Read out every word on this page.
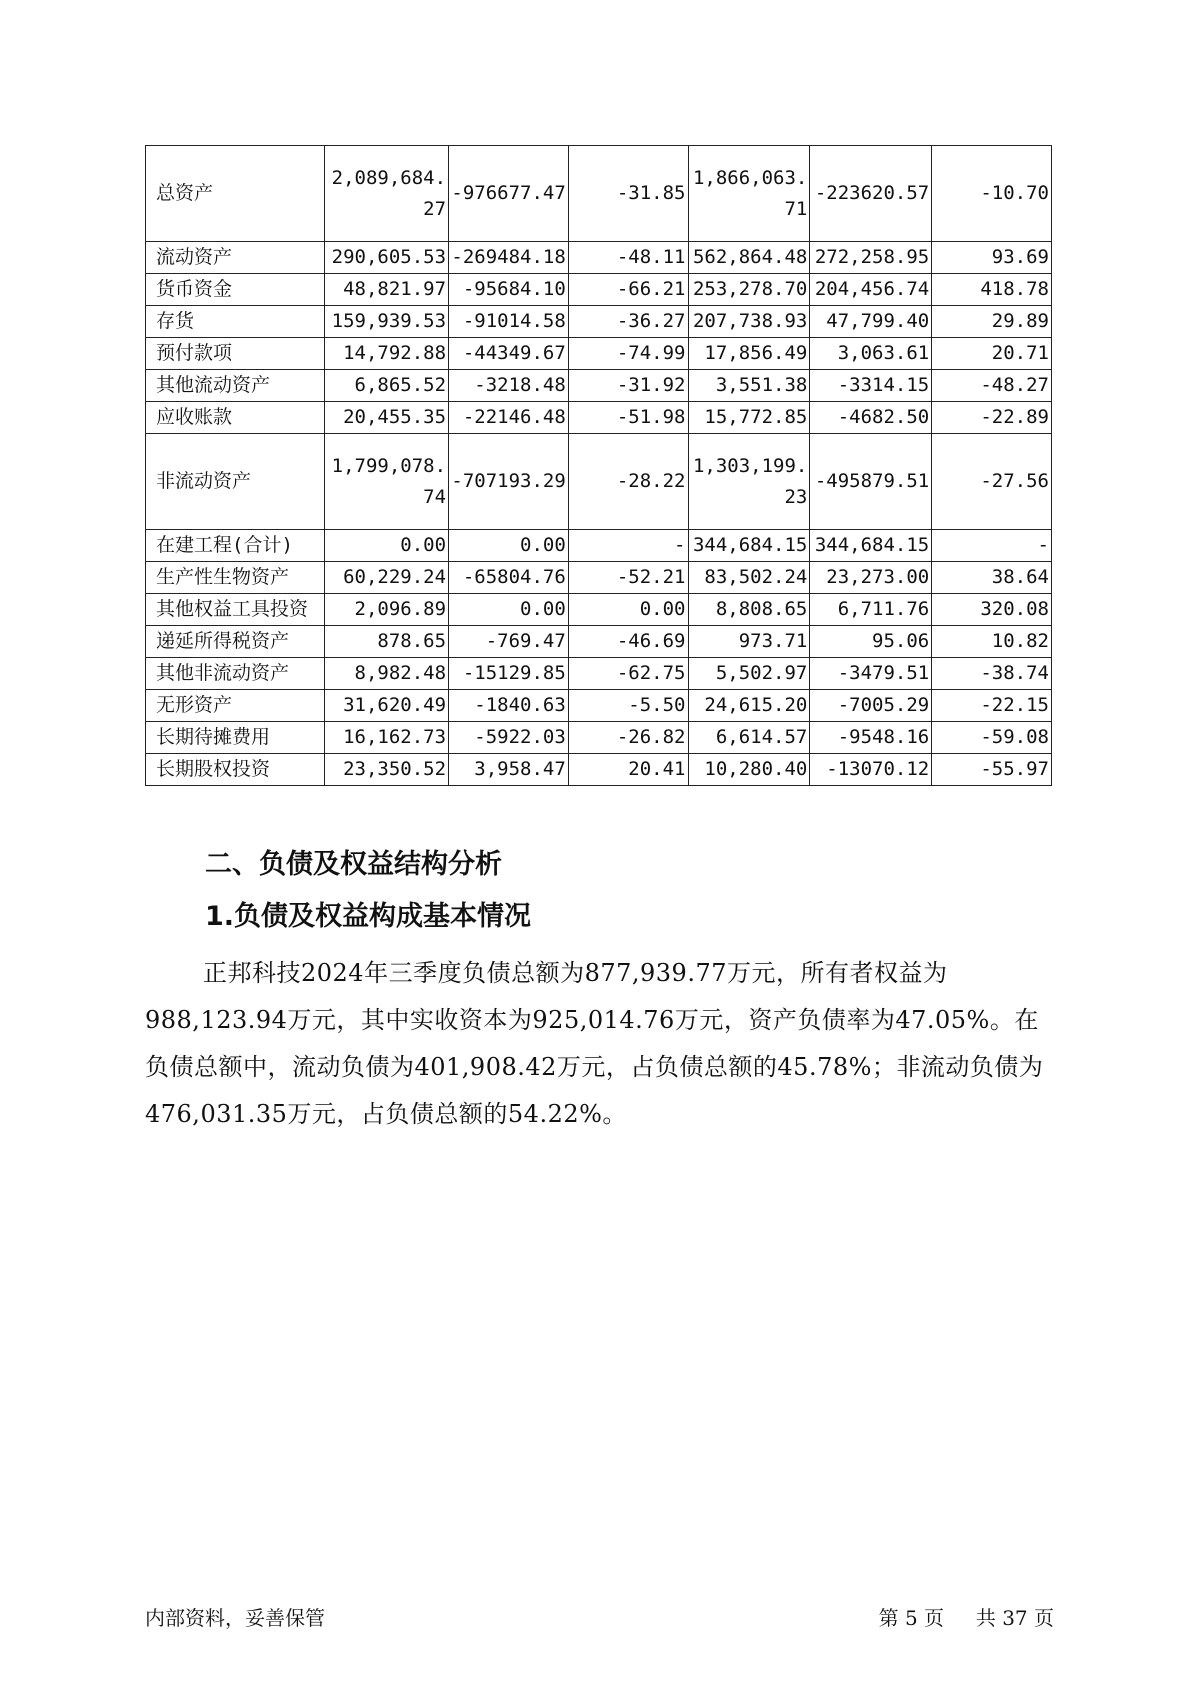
总资产	2,089,684.27	-976677.47	-31.85	1,866,063.71	-223620.57	-10.70
流动资产	290,605.53	-269484.18	-48.11	562,864.48	272,258.95	93.69
货币资金	48,821.97	-95684.10	-66.21	253,278.70	204,456.74	418.78
存货	159,939.53	-91014.58	-36.27	207,738.93	47,799.40	29.89
预付款项	14,792.88	-44349.67	-74.99	17,856.49	3,063.61	20.71
其他流动资产	6,865.52	-3218.48	-31.92	3,551.38	-3314.15	-48.27
应收账款	20,455.35	-22146.48	-51.98	15,772.85	-4682.50	-22.89
非流动资产	1,799,078.74	-707193.29	-28.22	1,303,199.23	-495879.51	-27.56
在建工程(合计)	0.00	0.00	-	344,684.15	344,684.15	-
生产性生物资产	60,229.24	-65804.76	-52.21	83,502.24	23,273.00	38.64
其他权益工具投资	2,096.89	0.00	0.00	8,808.65	6,711.76	320.08
递延所得税资产	878.65	-769.47	-46.69	973.71	95.06	10.82
其他非流动资产	8,982.48	-15129.85	-62.75	5,502.97	-3479.51	-38.74
无形资产	31,620.49	-1840.63	-5.50	24,615.20	-7005.29	-22.15
长期待摊费用	16,162.73	-5922.03	-26.82	6,614.57	-9548.16	-59.08
长期股权投资	23,350.52	3,958.47	20.41	10,280.40	-13070.12	-55.97
二、负债及权益结构分析
1.负债及权益构成基本情况

正邦科技2024年三季度负债总额为877,939.77万元，所有者权益为988,123.94万元，其中实收资本为925,014.76万元，资产负债率为47.05%。在负债总额中，流动负债为401,908.42万元，占负债总额的45.78%；非流动负债为476,031.35万元，占负债总额的54.22%。

内部资料，妥善保管	第 5 页 共 37 页
